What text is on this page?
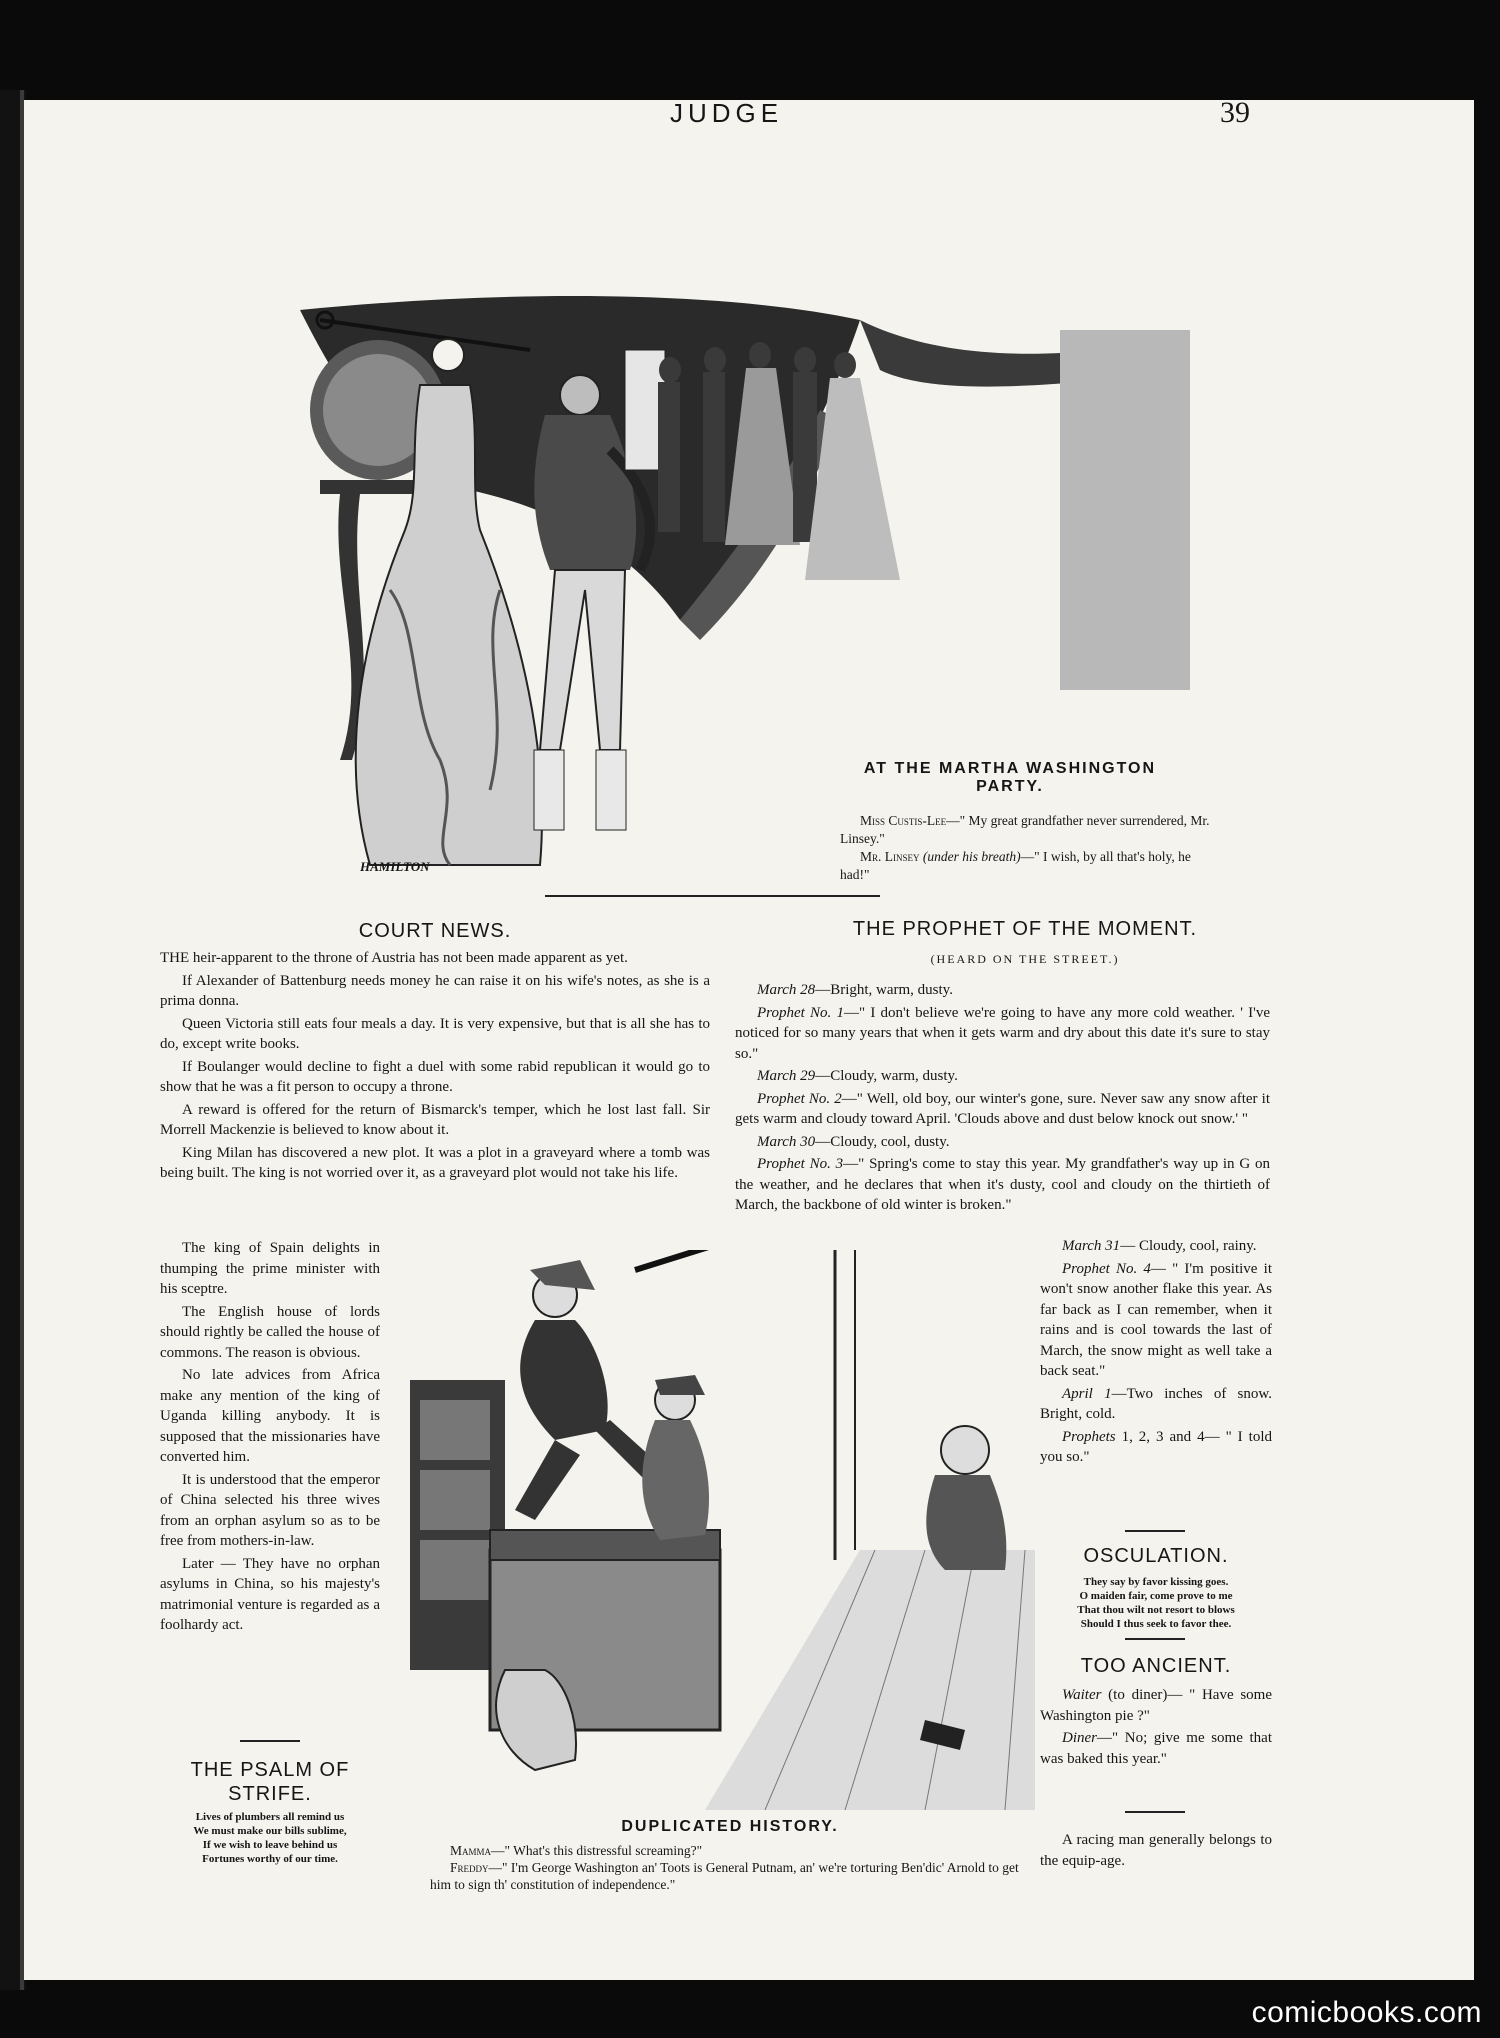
JUDGE	39
HAMILTON
AT THE MARTHA WASHINGTON PARTY.
Miss Custis-Lee—" My great grandfather never surrendered, Mr. Linsey."
Mr. Linsey (under his breath)—" I wish, by all that's holy, he had!"
COURT NEWS.

THE heir-apparent to the throne of Austria has not been made apparent as yet.

If Alexander of Battenburg needs money he can raise it on his wife's notes, as she is a prima donna.

Queen Victoria still eats four meals a day. It is very expensive, but that is all she has to do, except write books.

If Boulanger would decline to fight a duel with some rabid republican it would go to show that he was a fit person to occupy a throne.

A reward is offered for the return of Bismarck's temper, which he lost last fall. Sir Morrell Mackenzie is believed to know about it.

King Milan has discovered a new plot. It was a plot in a graveyard where a tomb was being built. The king is not worried over it, as a graveyard plot would not take his life.

The king of Spain delights in thumping the prime minister with his sceptre.

The English house of lords should rightly be called the house of commons. The reason is obvious.

No late advices from Africa make any mention of the king of Uganda killing anybody. It is supposed that the missionaries have converted him.

It is understood that the emperor of China selected his three wives from an orphan asylum so as to be free from mothers-in-law.

Later — They have no orphan asylums in China, so his majesty's matrimonial venture is regarded as a foolhardy act.

THE PSALM OF
STRIFE.
Lives of plumbers all remind us
We must make our bills sublime,
If we wish to leave behind us
Fortunes worthy of our time.
THE PROPHET OF THE MOMENT.
(HEARD ON THE STREET.)

March 28—Bright, warm, dusty.

Prophet No. 1—" I don't believe we're going to have any more cold weather. ' I've noticed for so many years that when it gets warm and dry about this date it's sure to stay so."

March 29—Cloudy, warm, dusty.

Prophet No. 2—" Well, old boy, our winter's gone, sure. Never saw any snow after it gets warm and cloudy toward April. 'Clouds above and dust below knock out snow.' "

March 30—Cloudy, cool, dusty.

Prophet No. 3—" Spring's come to stay this year. My grandfather's way up in G on the weather, and he declares that when it's dusty, cool and cloudy on the thirtieth of March, the backbone of old winter is broken."

March 31— Cloudy, cool, rainy.

Prophet No. 4— " I'm positive it won't snow another flake this year. As far back as I can remember, when it rains and is cool towards the last of March, the snow might as well take a back seat."

April 1—Two inches of snow. Bright, cold.

Prophets 1, 2, 3 and 4— " I told you so."

OSCULATION.
They say by favor kissing goes.
O maiden fair, come prove to me
That thou wilt not resort to blows
Should I thus seek to favor thee.
TOO ANCIENT.

Waiter (to diner)— " Have some Washington pie ?"

Diner—" No; give me some that was baked this year."

A racing man generally belongs to the equip-age.

DUPLICATED HISTORY.
Mamma—" What's this distressful screaming?"
Freddy—" I'm George Washington an' Toots is General Putnam, an' we're torturing Ben'dic' Arnold to get him to sign th' constitution of independence."
comicbooks.com
